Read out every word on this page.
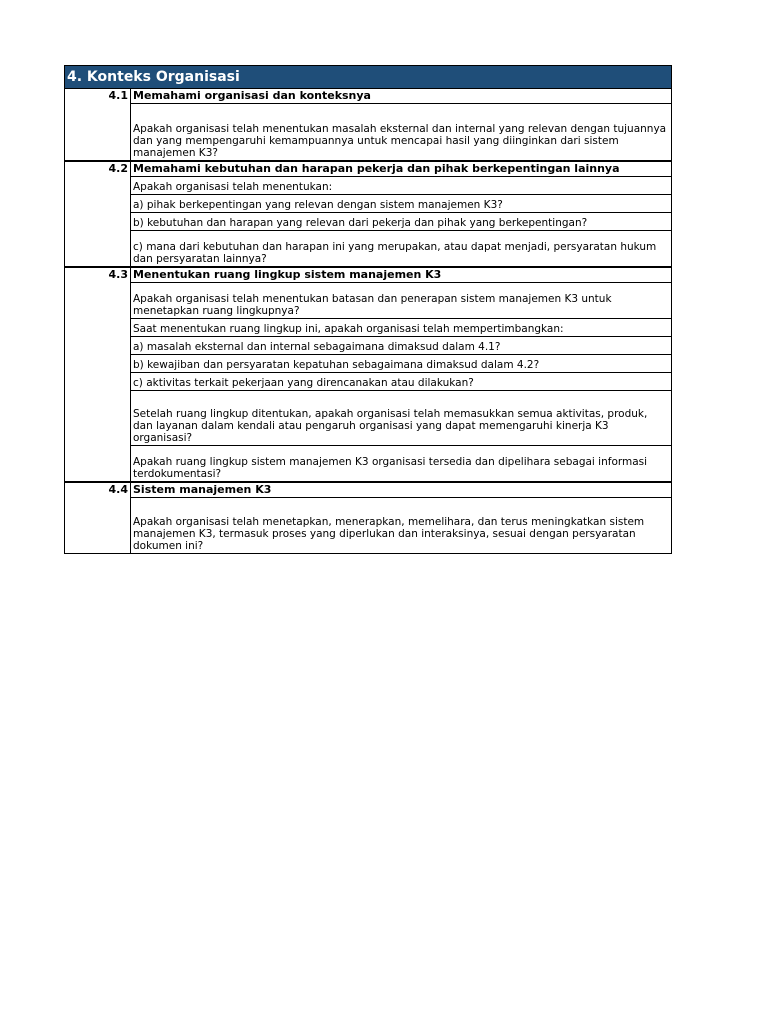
4. Konteks Organisasi
4.1 Memahami organisasi dan konteksnya
Apakah organisasi telah menentukan masalah eksternal dan internal yang relevan dengan tujuannya dan yang mempengaruhi kemampuannya untuk mencapai hasil yang diinginkan dari sistem manajemen K3?
4.2 Memahami kebutuhan dan harapan pekerja dan pihak berkepentingan lainnya
Apakah organisasi telah menentukan:
a) pihak berkepentingan yang relevan dengan sistem manajemen K3?
b) kebutuhan dan harapan yang relevan dari pekerja dan pihak yang berkepentingan?
c) mana dari kebutuhan dan harapan ini yang merupakan, atau dapat menjadi, persyaratan hukum dan persyaratan lainnya?
4.3 Menentukan ruang lingkup sistem manajemen K3
Apakah organisasi telah menentukan batasan dan penerapan sistem manajemen K3 untuk menetapkan ruang lingkupnya?
Saat menentukan ruang lingkup ini, apakah organisasi telah mempertimbangkan:
a) masalah eksternal dan internal sebagaimana dimaksud dalam 4.1?
b) kewajiban dan persyaratan kepatuhan sebagaimana dimaksud dalam 4.2?
c) aktivitas terkait pekerjaan yang direncanakan atau dilakukan?
Setelah ruang lingkup ditentukan, apakah organisasi telah memasukkan semua aktivitas, produk, dan layanan dalam kendali atau pengaruh organisasi yang dapat memengaruhi kinerja K3 organisasi?
Apakah ruang lingkup sistem manajemen K3 organisasi tersedia dan dipelihara sebagai informasi terdokumentasi?
4.4 Sistem manajemen K3
Apakah organisasi telah menetapkan, menerapkan, memelihara, dan terus meningkatkan sistem manajemen K3, termasuk proses yang diperlukan dan interaksinya, sesuai dengan persyaratan dokumen ini?
